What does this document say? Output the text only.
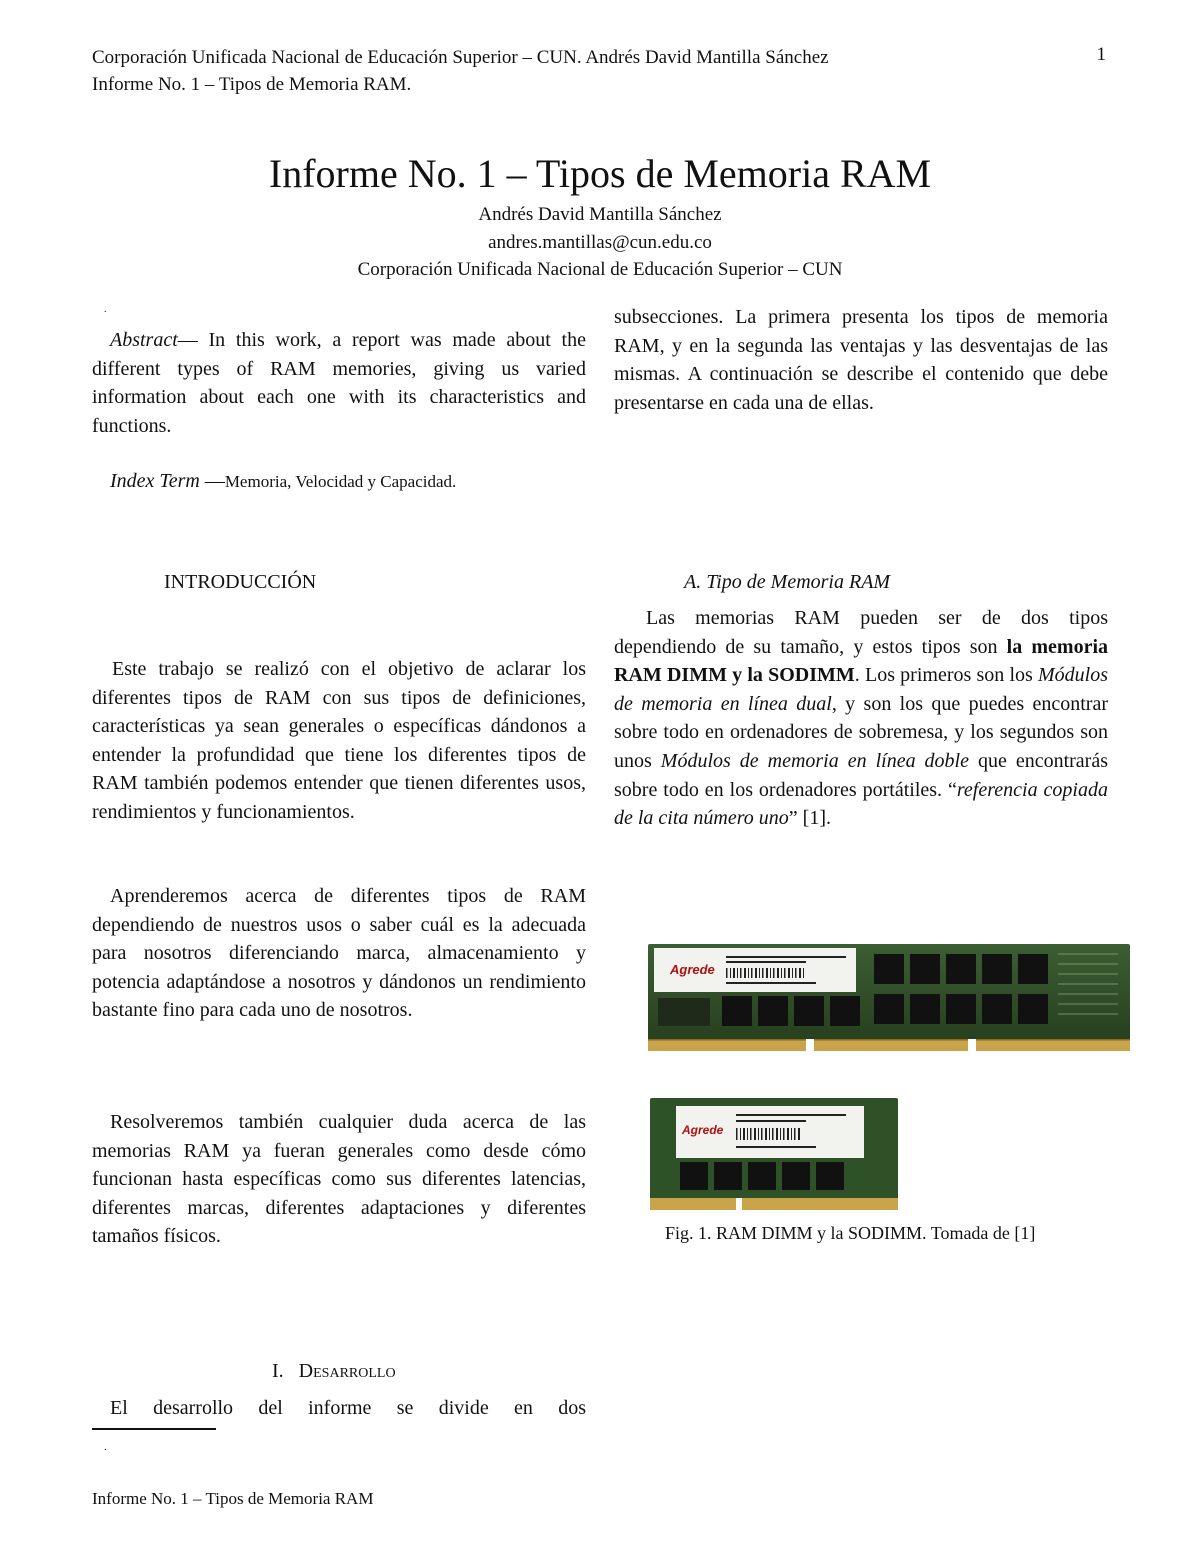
Corporación Unificada Nacional de Educación Superior – CUN. Andrés David Mantilla Sánchez
Informe No. 1 – Tipos de Memoria RAM.
1
Informe No. 1 – Tipos de Memoria RAM
Andrés David Mantilla Sánchez
andres.mantillas@cun.edu.co
Corporación Unificada Nacional de Educación Superior – CUN
.
Abstract— In this work, a report was made about the different types of RAM memories, giving us varied information about each one with its characteristics and functions.
Index Term —Memoria, Velocidad y Capacidad.
INTRODUCCIÓN
Este trabajo se realizó con el objetivo de aclarar los diferentes tipos de RAM con sus tipos de definiciones, características ya sean generales o específicas dándonos a entender la profundidad que tiene los diferentes tipos de RAM también podemos entender que tienen diferentes usos, rendimientos y funcionamientos.
Aprenderemos acerca de diferentes tipos de RAM dependiendo de nuestros usos o saber cuál es la adecuada para nosotros diferenciando marca, almacenamiento y potencia adaptándose a nosotros y dándonos un rendimiento bastante fino para cada uno de nosotros.
Resolveremos también cualquier duda acerca de las memorias RAM ya fueran generales como desde cómo funcionan hasta específicas como sus diferentes latencias, diferentes marcas, diferentes adaptaciones y diferentes tamaños físicos.
I. Desarrollo
El desarrollo del informe se divide en dos
.
Informe No. 1 – Tipos de Memoria RAM
subsecciones. La primera presenta los tipos de memoria RAM, y en la segunda las ventajas y las desventajas de las mismas. A continuación se describe el contenido que debe presentarse en cada una de ellas.
A. Tipo de Memoria RAM
Las memorias RAM pueden ser de dos tipos dependiendo de su tamaño, y estos tipos son la memoria RAM DIMM y la SODIMM. Los primeros son los Módulos de memoria en línea dual, y son los que puedes encontrar sobre todo en ordenadores de sobremesa, y los segundos son unos Módulos de memoria en línea doble que encontrarás sobre todo en los ordenadores portátiles. “referencia copiada de la cita número uno” [1].
Agrede
Agrede
Fig. 1. RAM DIMM y la SODIMM. Tomada de [1]
